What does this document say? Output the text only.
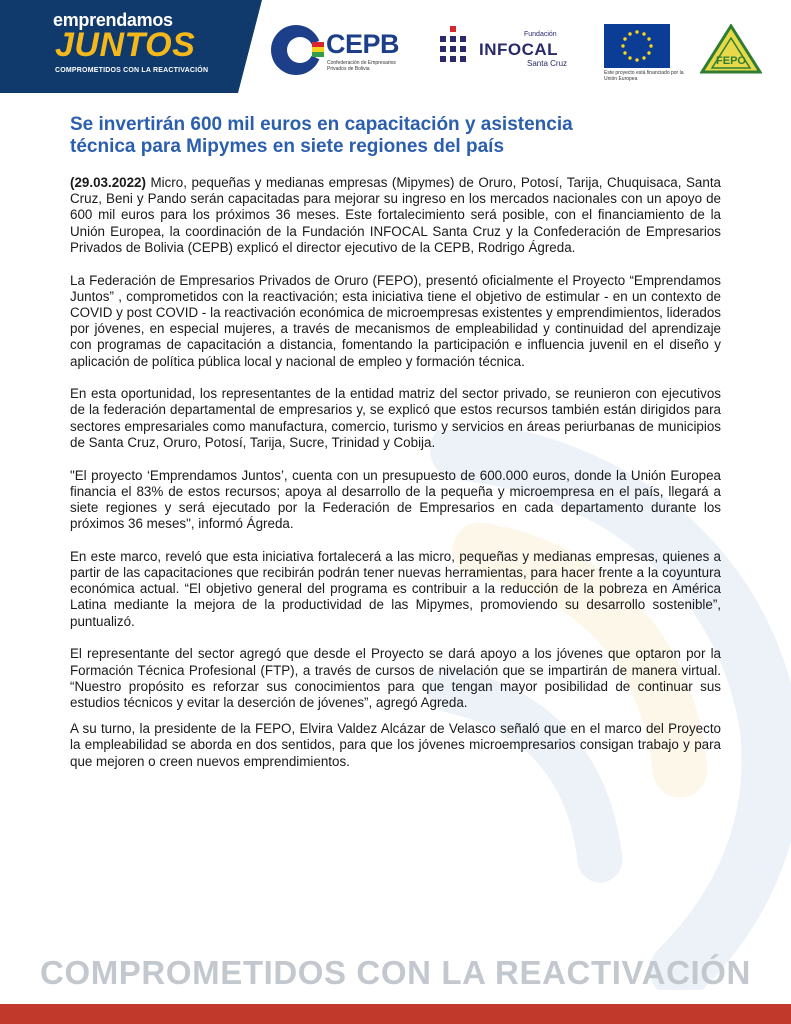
emprendamos
JUNTOS
COMPROMETIDOS CON LA REACTIVACIÓN
CEPB
Confederación de Empresarios Privados de Bolivia
Fundación
INFOCAL
Santa Cruz
Este proyecto está financiado por la Unión Europea
FEPO
Se invertirán 600 mil euros en capacitación y asistencia
técnica para Mipymes en siete regiones del país

(29.03.2022) Micro, pequeñas y medianas empresas (Mipymes) de Oruro, Potosí, Tarija, Chuquisaca, Santa Cruz, Beni y Pando serán capacitadas para mejorar su ingreso en los mercados nacionales con un apoyo de 600 mil euros para los próximos 36 meses. Este fortalecimiento será posible, con el financiamiento de la Unión Europea, la coordinación de la Fundación INFOCAL Santa Cruz y la Confederación de Empresarios Privados de Bolivia (CEPB) explicó el director ejecutivo de la CEPB, Rodrigo Ágreda.

La Federación de Empresarios Privados de Oruro (FEPO), presentó oficialmente el Proyecto “Emprendamos Juntos” , comprometidos con la reactivación; esta iniciativa tiene el objetivo de estimular - en un contexto de COVID y post COVID - la reactivación económica de microempresas existentes y emprendimientos, liderados por jóvenes, en especial mujeres, a través de mecanismos de empleabilidad y continuidad del aprendizaje con programas de capacitación a distancia, fomentando la participación e influencia juvenil en el diseño y aplicación de política pública local y nacional de empleo y formación técnica.

En esta oportunidad, los representantes de la entidad matriz del sector privado, se reunieron con ejecutivos de la federación departamental de empresarios y, se explicó que estos recursos también están dirigidos para sectores empresariales como manufactura, comercio, turismo y servicios en áreas periurbanas de municipios de Santa Cruz, Oruro, Potosí, Tarija, Sucre, Trinidad y Cobija.

"El proyecto ‘Emprendamos Juntos’, cuenta con un presupuesto de 600.000 euros, donde la Unión Europea financia el 83% de estos recursos; apoya al desarrollo de la pequeña y microempresa en el país, llegará a siete regiones y será ejecutado por la Federación de Empresarios en cada departamento durante los próximos 36 meses", informó Ágreda.

En este marco, reveló que esta iniciativa fortalecerá a las micro, pequeñas y medianas empresas, quienes a partir de las capacitaciones que recibirán podrán tener nuevas herramientas, para hacer frente a la coyuntura económica actual. “El objetivo general del programa es contribuir a la reducción de la pobreza en América Latina mediante la mejora de la productividad de las Mipymes, promoviendo su desarrollo sostenible”, puntualizó.

El representante del sector agregó que desde el Proyecto se dará apoyo a los jóvenes que optaron por la Formación Técnica Profesional (FTP), a través de cursos de nivelación que se impartirán de manera virtual. “Nuestro propósito es reforzar sus conocimientos para que tengan mayor posibilidad de continuar sus estudios técnicos y evitar la deserción de jóvenes”, agregó Agreda.

A su turno, la presidente de la FEPO, Elvira Valdez Alcázar de Velasco señaló que en el marco del Proyecto la empleabilidad se aborda en dos sentidos, para que los jóvenes microempresarios consigan trabajo y para que mejoren o creen nuevos emprendimientos.

COMPROMETIDOS CON LA REACTIVACIÓN
